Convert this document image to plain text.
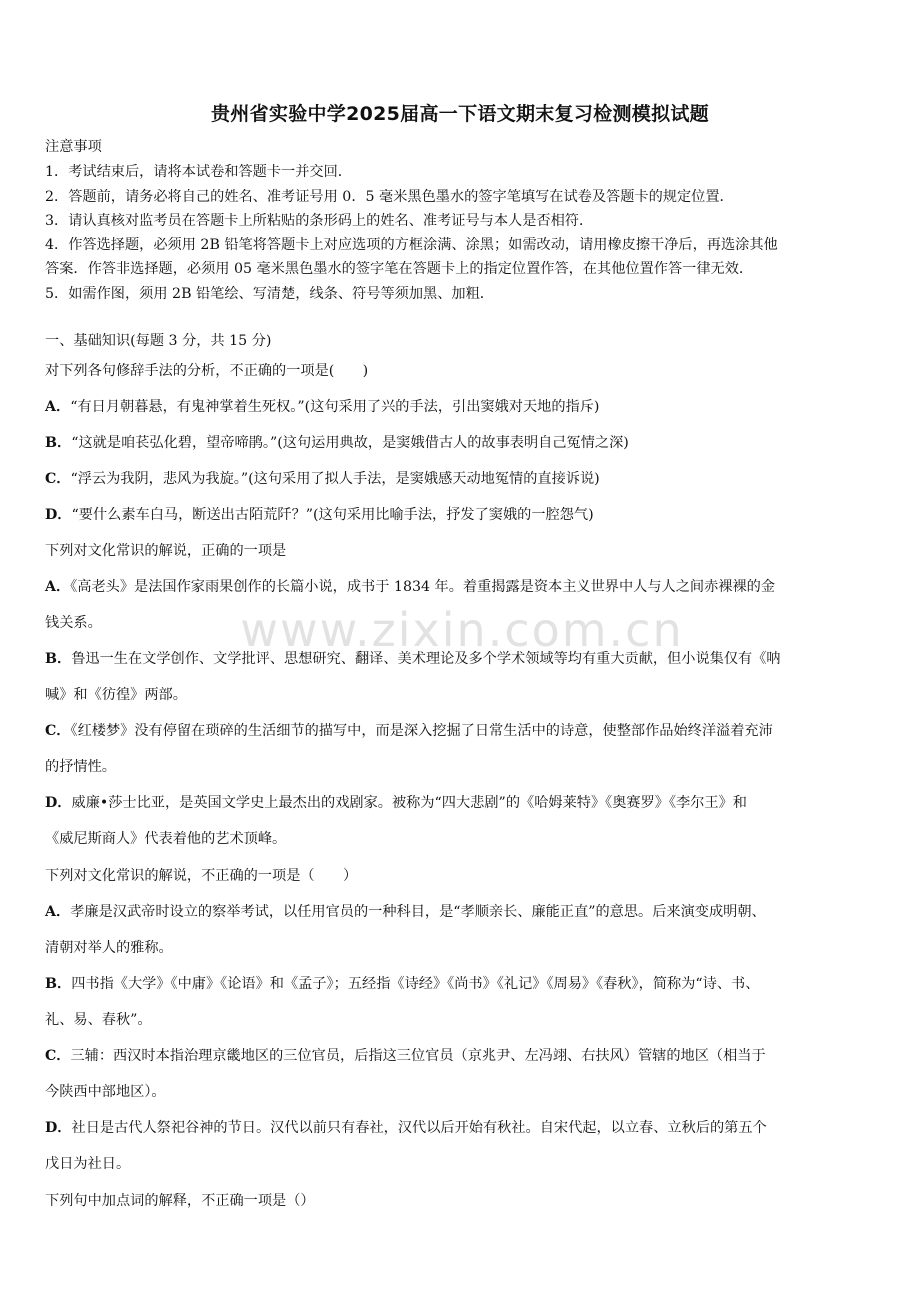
www.zixin.com.cn
贵州省实验中学2025届高一下语文期末复习检测模拟试题
注意事项
1．考试结束后，请将本试卷和答题卡一并交回．
2．答题前，请务必将自己的姓名、准考证号用 0．5 毫米黑色墨水的签字笔填写在试卷及答题卡的规定位置．
3．请认真核对监考员在答题卡上所粘贴的条形码上的姓名、准考证号与本人是否相符．
4．作答选择题，必须用 2B 铅笔将答题卡上对应选项的方框涂满、涂黑；如需改动，请用橡皮擦干净后，再选涂其他
答案．作答非选择题，必须用 05 毫米黑色墨水的签字笔在答题卡上的指定位置作答，在其他位置作答一律无效．
5．如需作图，须用 2B 铅笔绘、写清楚，线条、符号等须加黑、加粗．
一、基础知识(每题 3 分，共 15 分)
对下列各句修辞手法的分析，不正确的一项是(　　)
A．“有日月朝暮悬，有鬼神掌着生死权。”(这句采用了兴的手法，引出窦娥对天地的指斥)
B．“这就是咱苌弘化碧，望帝啼鹃。”(这句运用典故，是窦娥借古人的故事表明自己冤情之深)
C．“浮云为我阴，悲风为我旋。”(这句采用了拟人手法，是窦娥感天动地冤情的直接诉说)
D．“要什么素车白马，断送出古陌荒阡？”(这句采用比喻手法，抒发了窦娥的一腔怨气)
下列对文化常识的解说，正确的一项是
A．《高老头》是法国作家雨果创作的长篇小说，成书于 1834 年。着重揭露是资本主义世界中人与人之间赤裸裸的金
钱关系。
B．鲁迅一生在文学创作、文学批评、思想研究、翻译、美术理论及多个学术领域等均有重大贡献，但小说集仅有《呐
喊》和《彷徨》两部。
C．《红楼梦》没有停留在琐碎的生活细节的描写中，而是深入挖掘了日常生活中的诗意，使整部作品始终洋溢着充沛
的抒情性。
D．威廉•莎士比亚，是英国文学史上最杰出的戏剧家。被称为“四大悲剧”的《哈姆莱特》《奥赛罗》《李尔王》和
《威尼斯商人》代表着他的艺术顶峰。
下列对文化常识的解说，不正确的一项是（　　）
A．孝廉是汉武帝时设立的察举考试，以任用官员的一种科目，是“孝顺亲长、廉能正直”的意思。后来演变成明朝、
清朝对举人的雅称。
B．四书指《大学》《中庸》《论语》和《孟子》；五经指《诗经》《尚书》《礼记》《周易》《春秋》，简称为“诗、书、
礼、易、春秋”。
C．三辅：西汉时本指治理京畿地区的三位官员，后指这三位官员（京兆尹、左冯翊、右扶风）管辖的地区（相当于
今陕西中部地区）。
D．社日是古代人祭祀谷神的节日。汉代以前只有春社，汉代以后开始有秋社。自宋代起，以立春、立秋后的第五个
戊日为社日。
下列句中加点词的解释，不正确一项是（）
